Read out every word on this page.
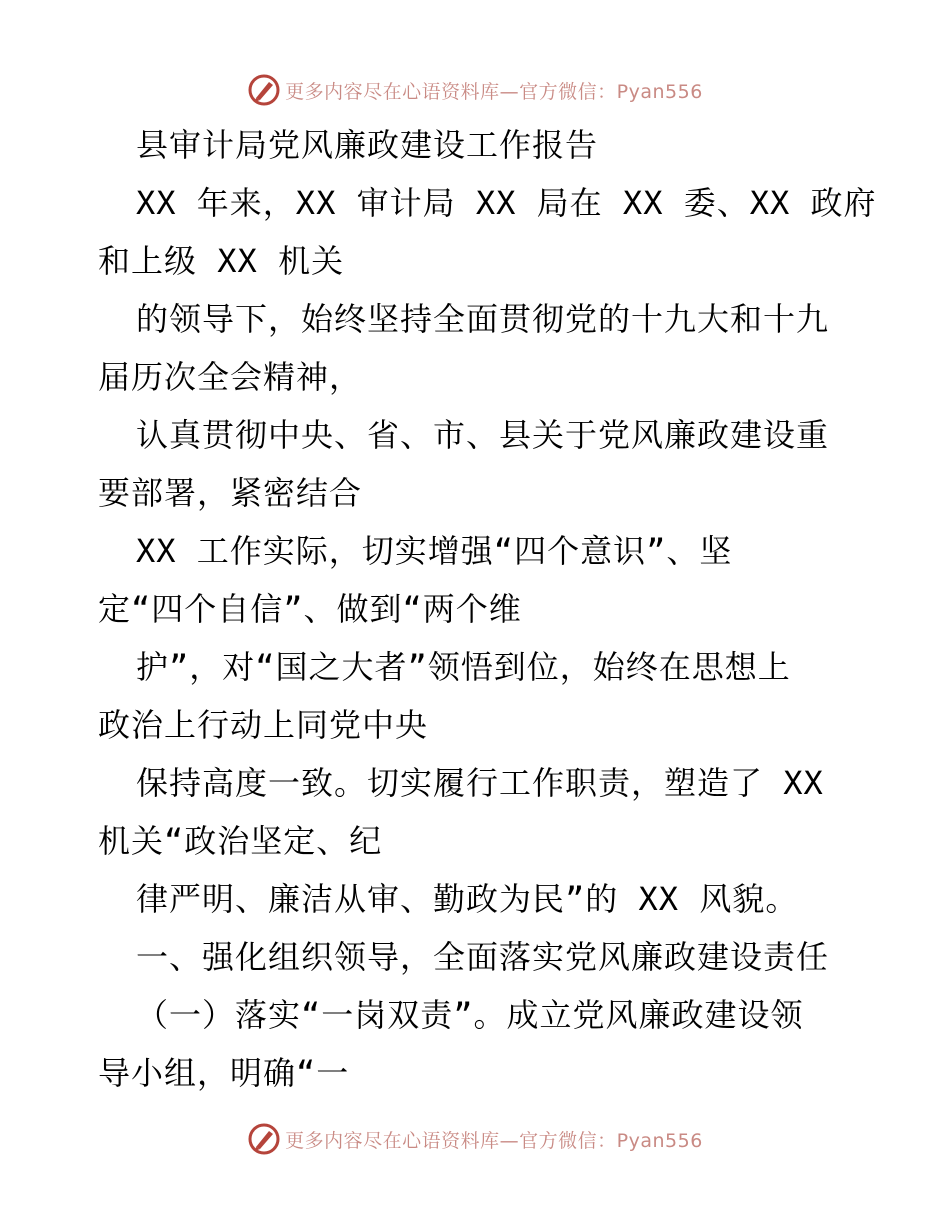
更多内容尽在心语资料库—官方微信：Pyan556
县审计局党风廉政建设工作报告
XX 年来，XX 审计局 XX 局在 XX 委、XX 政府
和上级 XX 机关
的领导下，始终坚持全面贯彻党的十九大和十九
届历次全会精神，
认真贯彻中央、省、市、县关于党风廉政建设重
要部署，紧密结合
XX 工作实际，切实增强“四个意识”、坚
定“四个自信”、做到“两个维
护”，对“国之大者”领悟到位，始终在思想上
政治上行动上同党中央
保持高度一致。切实履行工作职责，塑造了 XX
机关“政治坚定、纪
律严明、廉洁从审、勤政为民”的 XX 风貌。
一、强化组织领导，全面落实党风廉政建设责任
（一）落实“一岗双责”。成立党风廉政建设领
导小组，明确“一
更多内容尽在心语资料库—官方微信：Pyan556
